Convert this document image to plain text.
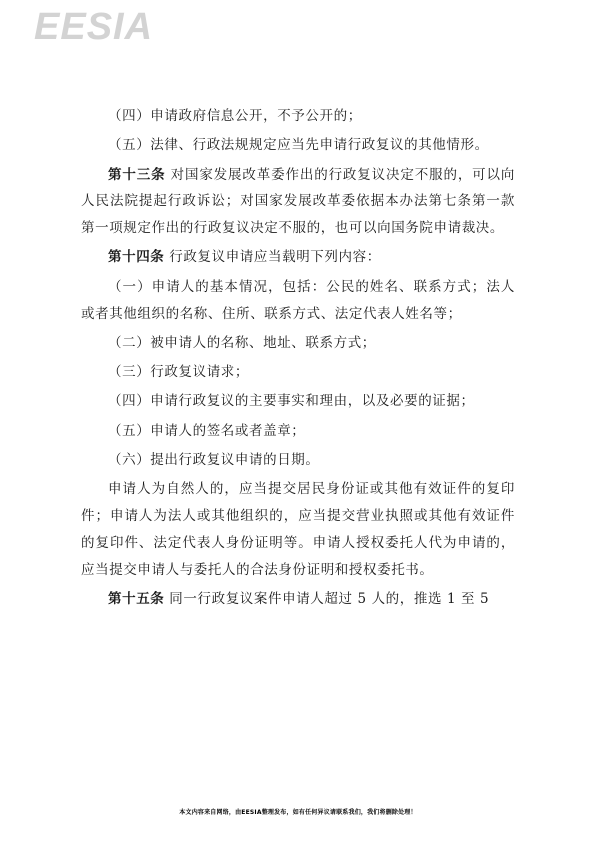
EESIA

（四）申请政府信息公开，不予公开的；

（五）法律、行政法规规定应当先申请行政复议的其他情形。

第十三条 对国家发展改革委作出的行政复议决定不服的，可以向人民法院提起行政诉讼；对国家发展改革委依据本办法第七条第一款第一项规定作出的行政复议决定不服的，也可以向国务院申请裁决。

第十四条 行政复议申请应当载明下列内容：

（一）申请人的基本情况，包括：公民的姓名、联系方式；法人或者其他组织的名称、住所、联系方式、法定代表人姓名等；

（二）被申请人的名称、地址、联系方式；

（三）行政复议请求；

（四）申请行政复议的主要事实和理由，以及必要的证据；

（五）申请人的签名或者盖章；

（六）提出行政复议申请的日期。

申请人为自然人的，应当提交居民身份证或其他有效证件的复印件；申请人为法人或其他组织的，应当提交营业执照或其他有效证件的复印件、法定代表人身份证明等。申请人授权委托人代为申请的，应当提交申请人与委托人的合法身份证明和授权委托书。

第十五条 同一行政复议案件申请人超过 5 人的，推选 1 至 5

本文内容来自网络，由EESIA整理发布，如有任何异议请联系我们，我们将删除处理！
